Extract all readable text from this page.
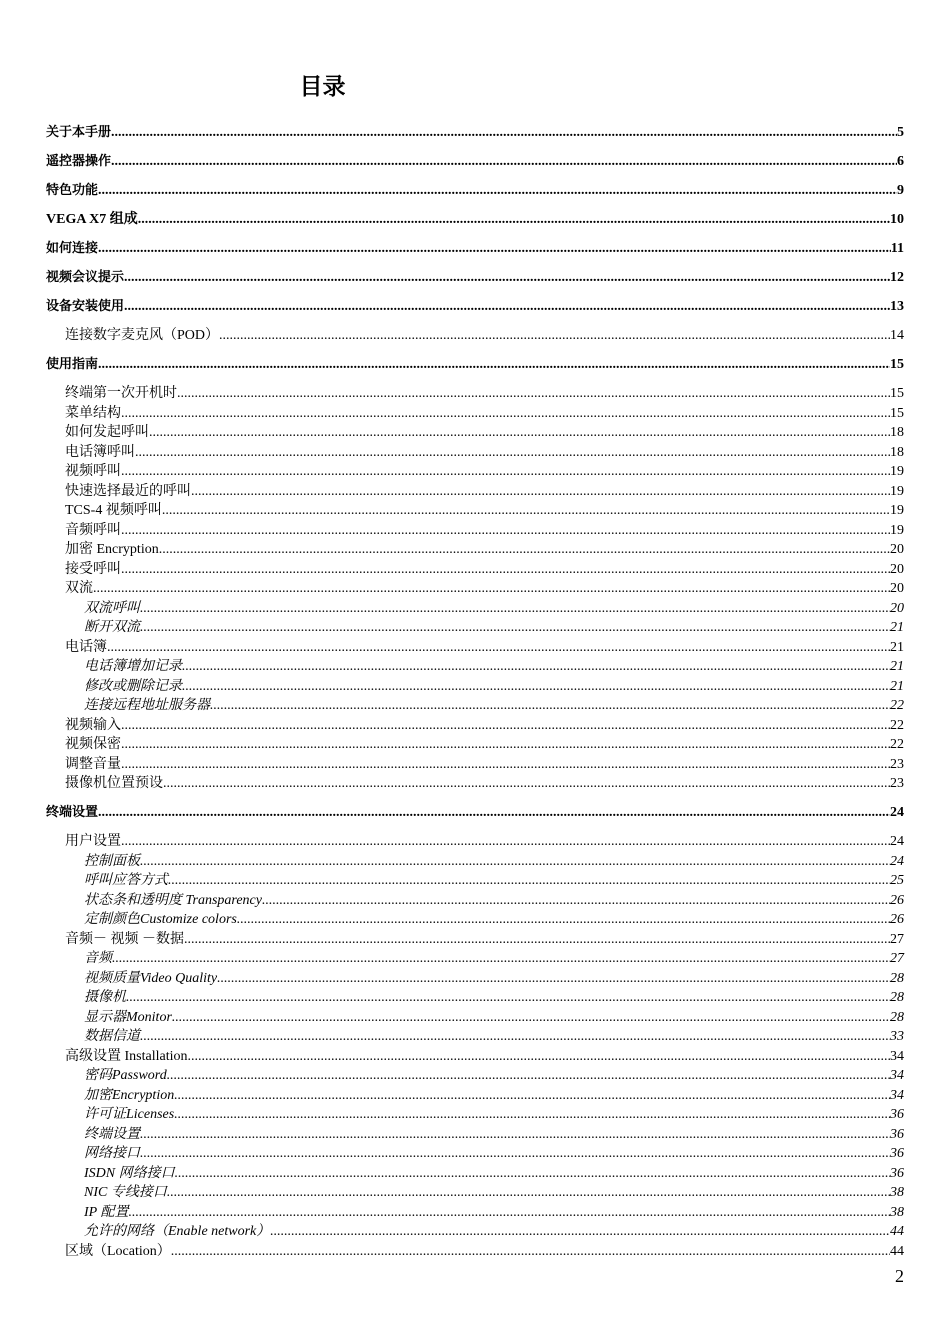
目录
关于本手册 .....	5
遥控器操作 .....	6
特色功能 .....	9
VEGA X7 组成 .....	10
如何连接 .....	11
视频会议提示 .....	12
设备安装使用 .....	13
连接数字麦克风（POD） .....	14
使用指南 .....	15
终端第一次开机时 .....	15
菜单结构 .....	15
如何发起呼叫 .....	18
电话簿呼叫 .....	18
视频呼叫 .....	19
快速选择最近的呼叫 .....	19
TCS-4 视频呼叫 .....	19
音频呼叫 .....	19
加密 Encryption .....	20
接受呼叫 .....	20
双流 .....	20
双流呼叫 .....	20
断开双流 .....	21
电话簿 .....	21
电话簿增加记录 .....	21
修改或删除记录 .....	21
连接远程地址服务器 .....	22
视频输入 .....	22
视频保密 .....	22
调整音量 .....	23
摄像机位置预设 .....	23
终端设置 .....	24
用户设置 .....	24
控制面板 .....	24
呼叫应答方式 .....	25
状态条和透明度 Transparency .....	26
定制颜色Customize colors .....	26
音频－ 视频 －数据 .....	27
音频 .....	27
视频质量Video Quality .....	28
摄像机 .....	28
显示器Monitor .....	28
数据信道 .....	33
高级设置 Installation .....	34
密码Password .....	34
加密Encryption .....	34
许可证Licenses .....	36
终端设置 .....	36
网络接口 .....	36
ISDN 网络接口 .....	36
NIC 专线接口 .....	38
IP 配置 .....	38
允许的网络（Enable network） .....	44
区域（Location） .....	44
2
